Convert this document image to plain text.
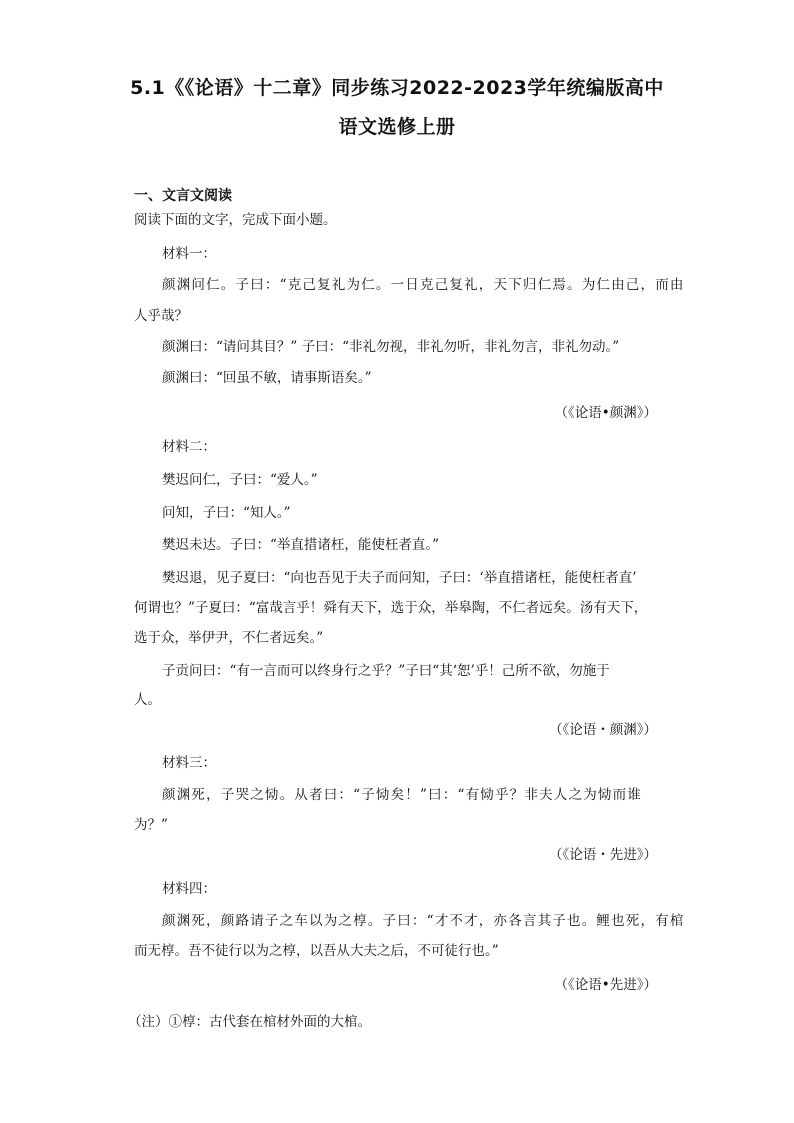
5.1《《论语》十二章》同步练习2022-2023学年统编版高中
语文选修上册
一、文言文阅读
阅读下面的文字，完成下面小题。
材料一：
颜渊问仁。子曰：“克己复礼为仁。一日克己复礼，天下归仁焉。为仁由己，而由
人乎哉？
颜渊曰：“请问其目？” 子曰：“非礼勿视，非礼勿听，非礼勿言，非礼勿动。”
颜渊曰：“回虽不敏，请事斯语矣。”
（《论语•颜渊》）
材料二：
樊迟问仁，子曰：“爱人。”
问知，子曰：“知人。”
樊迟未达。子曰：“举直措诸枉，能使枉者直。”
樊迟退，见子夏曰：“向也吾见于夫子而问知，子曰：‘举直措诸枉，能使枉者直’
何谓也？”子夏曰：“富哉言乎！舜有天下，选于众，举皋陶，不仁者远矣。汤有天下，
选于众，举伊尹，不仁者远矣。”
子贡问曰：“有一言而可以终身行之乎？”子曰“其‘恕’乎！己所不欲，勿施于
人。
（《论语・颜渊》）
材料三：
颜渊死，子哭之恸。从者曰：“子恸矣！”曰：“有恸乎？非夫人之为恸而谁
为？”
（《论语・先进》）
材料四：
颜渊死，颜路请子之车以为之椁。子曰：“才不才，亦各言其子也。鲤也死，有棺
而无椁。吾不徒行以为之椁，以吾从大夫之后，不可徒行也。”
（《论语•先进》）
（注）①椁：古代套在棺材外面的大棺。
